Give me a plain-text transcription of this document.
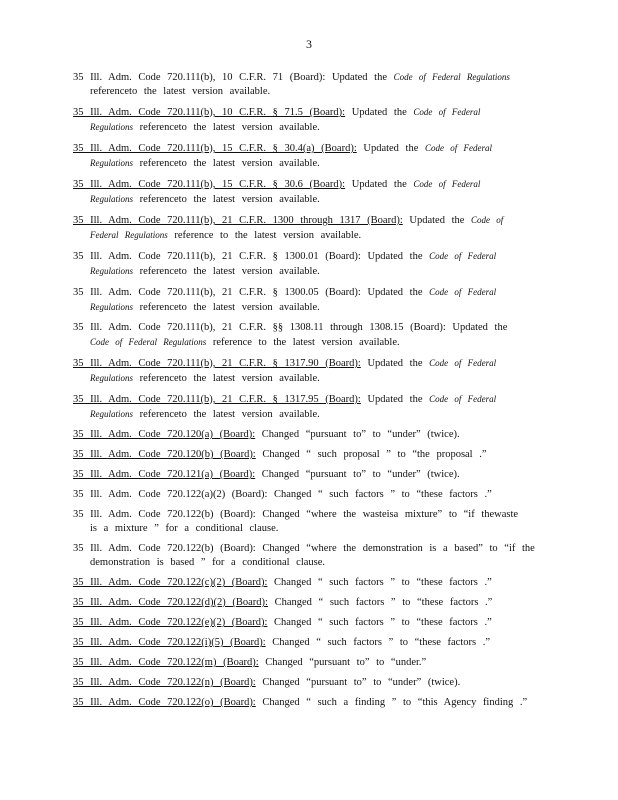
3
35 Ill. Adm. Code 720.111(b), 10 C.F.R. 71 (Board): Updated the Code of Federal Regulations
referenceto the latest version available.
35 Ill. Adm. Code 720.111(b), 10 C.F.R. § 71.5 (Board): Updated the Code of Federal
Regulations referenceto the latest version available.
35 Ill. Adm. Code 720.111(b), 15 C.F.R. § 30.4(a) (Board): Updated the Code of Federal
Regulations referenceto the latest version available.
35 Ill. Adm. Code 720.111(b), 15 C.F.R. § 30.6 (Board): Updated the Code of Federal
Regulations referenceto the latest version available.
35 Ill. Adm. Code 720.111(b), 21 C.F.R. 1300 through 1317 (Board): Updated the Code of
Federal Regulations reference to the latest version available.
35 Ill. Adm. Code 720.111(b), 21 C.F.R. § 1300.01 (Board): Updated the Code of Federal
Regulations referenceto the latest version available.
35 Ill. Adm. Code 720.111(b), 21 C.F.R. § 1300.05 (Board): Updated the Code of Federal
Regulations referenceto the latest version available.
35 Ill. Adm. Code 720.111(b), 21 C.F.R. §§ 1308.11 through 1308.15 (Board): Updated the
Code of Federal Regulations reference to the latest version available.
35 Ill. Adm. Code 720.111(b), 21 C.F.R. § 1317.90 (Board): Updated the Code of Federal
Regulations referenceto the latest version available.
35 Ill. Adm. Code 720.111(b), 21 C.F.R. § 1317.95 (Board): Updated the Code of Federal
Regulations referenceto the latest version available.
35 Ill. Adm. Code 720.120(a) (Board): Changed “pursuant to” to “under” (twice).
35 Ill. Adm. Code 720.120(b) (Board): Changed “ such proposal ” to “the proposal .”
35 Ill. Adm. Code 720.121(a) (Board): Changed “pursuant to” to “under” (twice).
35 Ill. Adm. Code 720.122(a)(2) (Board): Changed “ such factors ” to “these factors .”
35 Ill. Adm. Code 720.122(b) (Board): Changed “where the wasteisa mixture” to “if thewaste
is a mixture ” for a conditional clause.
35 Ill. Adm. Code 720.122(b) (Board): Changed “where the demonstration is a based” to “if the
demonstration is based ” for a conditional clause.
35 Ill. Adm. Code 720.122(c)(2) (Board): Changed “ such factors ” to “these factors .”
35 Ill. Adm. Code 720.122(d)(2) (Board): Changed “ such factors ” to “these factors .”
35 Ill. Adm. Code 720.122(e)(2) (Board): Changed “ such factors ” to “these factors .”
35 Ill. Adm. Code 720.122(i)(5) (Board): Changed “ such factors ” to “these factors .”
35 Ill. Adm. Code 720.122(m) (Board): Changed “pursuant to” to “under.”
35 Ill. Adm. Code 720.122(n) (Board): Changed “pursuant to” to “under” (twice).
35 Ill. Adm. Code 720.122(o) (Board): Changed “ such a finding ” to “this Agency finding .”
